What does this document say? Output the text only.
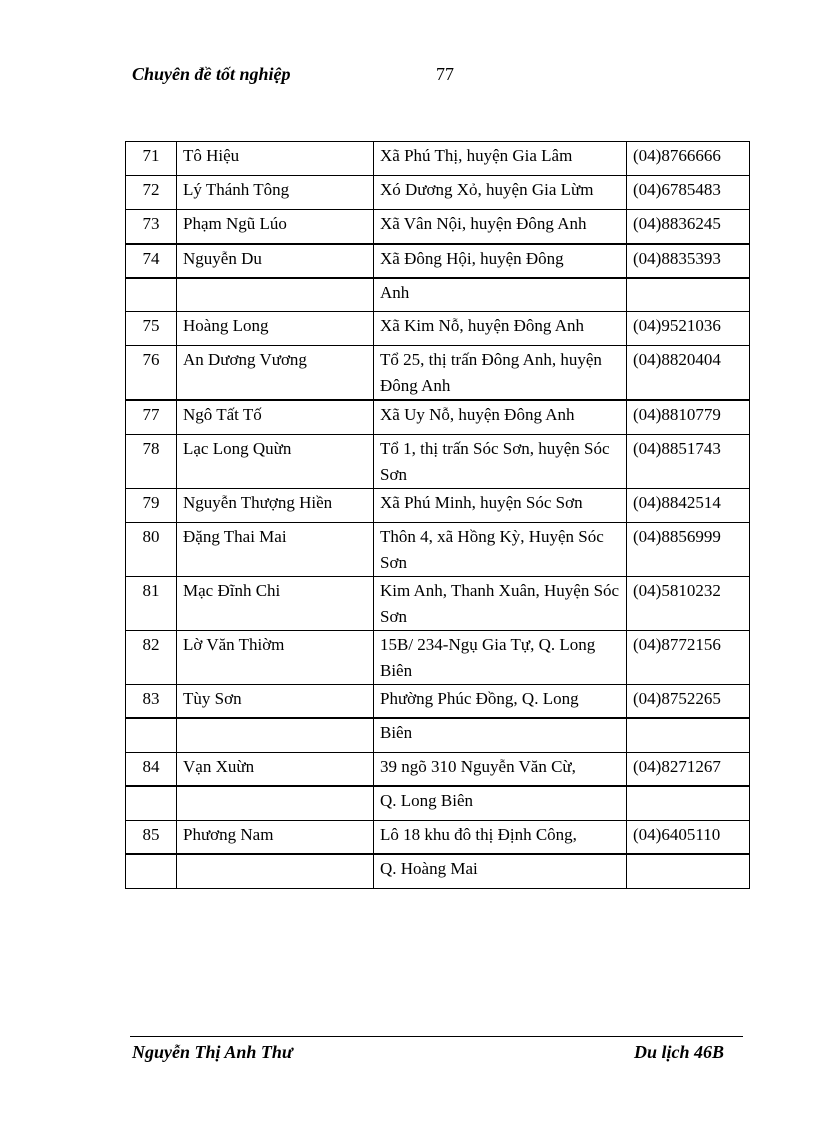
Chuyên đề tốt nghiệp	77
71	Tô Hiệu	Xã Phú Thị, huyện Gia Lâm	(04)8766666
72	Lý Thánh Tông	Xó Dương Xỏ, huyện Gia Lừm	(04)6785483
73	Phạm Ngũ Lúo	Xã Vân Nội, huyện Đông Anh	(04)8836245
74	Nguyễn Du	Xã Đông Hội, huyện Đông	(04)8835393
		Anh	
75	Hoàng Long	Xã Kim Nỗ, huyện Đông Anh	(04)9521036
76	An Dương Vương	Tổ 25, thị trấn Đông Anh, huyện Đông Anh	(04)8820404
77	Ngô Tất Tố	Xã Uy Nỗ, huyện Đông Anh	(04)8810779
78	Lạc Long Quừn	Tổ 1, thị trấn Sóc Sơn, huyện Sóc Sơn	(04)8851743
79	Nguyễn Thượng Hiền	Xã Phú Minh, huyện Sóc Sơn	(04)8842514
80	Đặng Thai Mai	Thôn 4, xã Hồng Kỳ, Huyện Sóc Sơn	(04)8856999
81	Mạc Đĩnh Chi	Kim Anh, Thanh Xuân, Huyện Sóc Sơn	(04)5810232
82	Lờ Văn Thiờm	15B/ 234-Ngụ Gia Tự, Q. Long Biên	(04)8772156
83	Tùy Sơn	Phường Phúc Đồng, Q. Long	(04)8752265
		Biên	
84	Vạn Xuừn	39 ngõ 310 Nguyễn Văn Cừ,	(04)8271267
		Q. Long Biên	
85	Phương Nam	Lô 18 khu đô thị Định Công,	(04)6405110
		Q. Hoàng Mai	
Nguyễn Thị Anh Thư	Du lịch 46B
